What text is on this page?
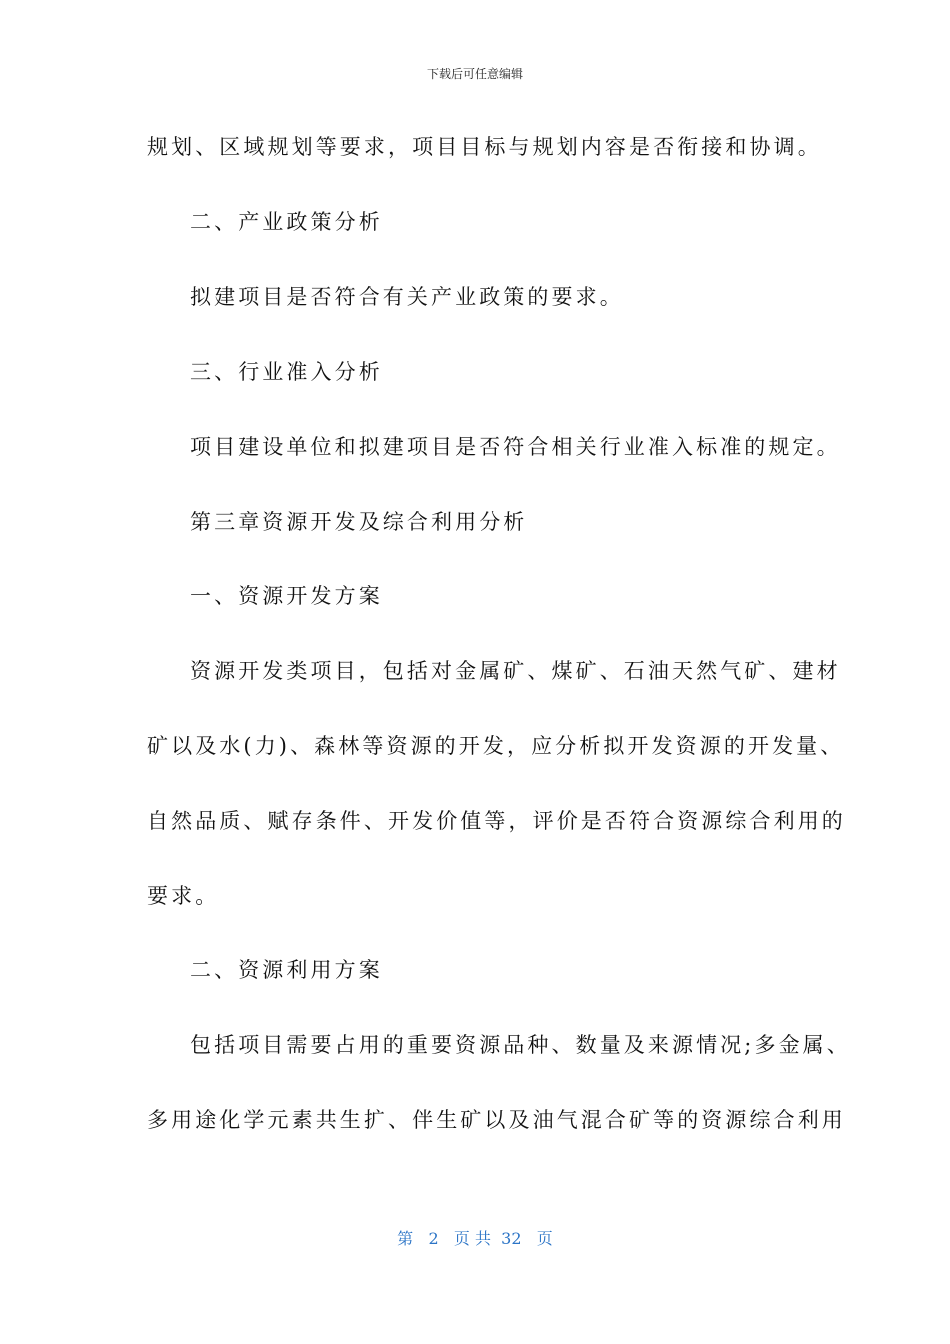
下载后可任意编辑
规划、区域规划等要求，项目目标与规划内容是否衔接和协调。
二、产业政策分析
拟建项目是否符合有关产业政策的要求。
三、行业准入分析
项目建设单位和拟建项目是否符合相关行业准入标准的规定。
第三章资源开发及综合利用分析
一、资源开发方案
资源开发类项目，包括对金属矿、煤矿、石油天然气矿、建材
矿以及水(力)、森林等资源的开发，应分析拟开发资源的开发量、
自然品质、赋存条件、开发价值等，评价是否符合资源综合利用的
要求。
二、资源利用方案
包括项目需要占用的重要资源品种、数量及来源情况;多金属、
多用途化学元素共生扩、伴生矿以及油气混合矿等的资源综合利用
第 2 页 共 32 页
